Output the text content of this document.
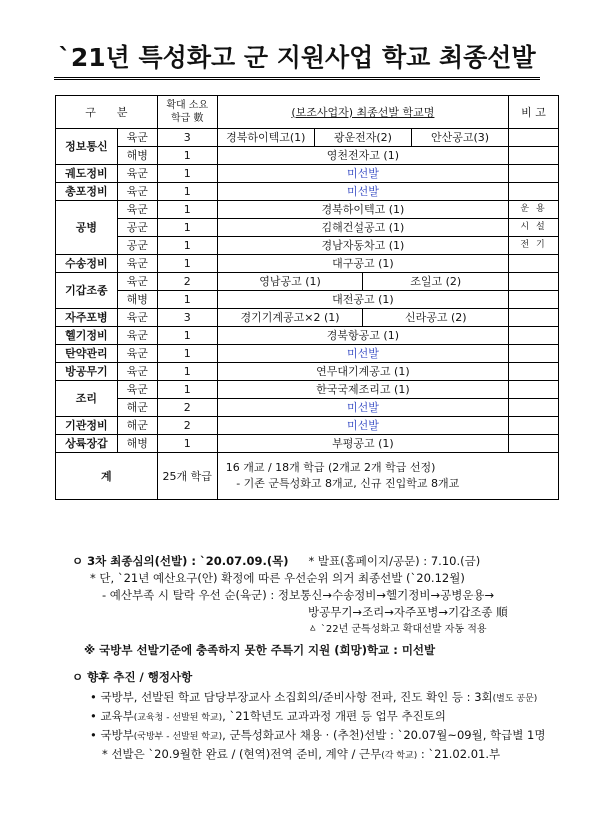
`21년 특성화고 군 지원사업 학교 최종선발
구      분		확대 소요
학급 數	(보조사업자) 최종선발 학교명	비 고
정보통신	육군	3	경북하이텍고(1) 광운전자(2) 안산공고(3)	

	해병	1	영천전자고 (1)	
궤도정비	육군	1	미선발	
총포정비	육군	1	미선발	
공병	육군	1	경북하이텍고 (1)	운 용
	공군	1	김해건설공고 (1)	시 설
	공군	1	경남자동차고 (1)	전 기
수송정비	육군	1	대구공고 (1)	
기갑조종	육군	2	영남공고 (1) 조일고 (2)	

	해병	1	대전공고 (1)	
자주포병	육군	3	경기기계공고×2 (1) 신라공고 (2)	

헬기정비	육군	1	경북항공고 (1)	
탄약관리	육군	1	미선발	
방공무기	육군	1	연무대기계공고 (1)	
조리	육군	1	한국국제조리고 (1)	
	해군	2	미선발	
기관정비	해군	2	미선발	
상륙장갑	해병	1	부평공고 (1)	
계		25개 학급	16 개교 / 18개 학급 (2개교 2개 학급 선정)
- 기존 군특성화고 8개교, 신규 진입학교 8개교	

ㅇ 3차 최종심의(선발) : `20.07.09.(목) * 발표(홈페이지/공문) : 7.10.(금)

* 단, `21년 예산요구(안) 확정에 따른 우선순위 의거 최종선발 (`20.12월)

- 예산부족 시 탈락 우선 순(육군) : 정보통신→수송정비→헬기정비→공병운용→

방공무기→조리→자주포병→기갑조종 順

ㅿ `22년 군특성화고 확대선발 자동 적용

※ 국방부 선발기준에 충족하지 못한 주특기 지원 (희망)학교 : 미선발

ㅇ 향후 추진 / 행정사항

• 국방부, 선발된 학교 담당부장교사 소집회의/준비사항 전파, 진도 확인 등 : 3회(별도 공문)

• 교육부(교육청 - 선발된 학교), `21학년도 교과과정 개편 등 업무 추진토의

• 국방부(국방부 - 선발된 학교), 군특성화교사 채용 · (추천)선발 : `20.07월~09월, 학급별 1명

* 선발은 `20.9월한 완료 / (현역)전역 준비, 계약 / 근무(각 학교) : `21.02.01.부
